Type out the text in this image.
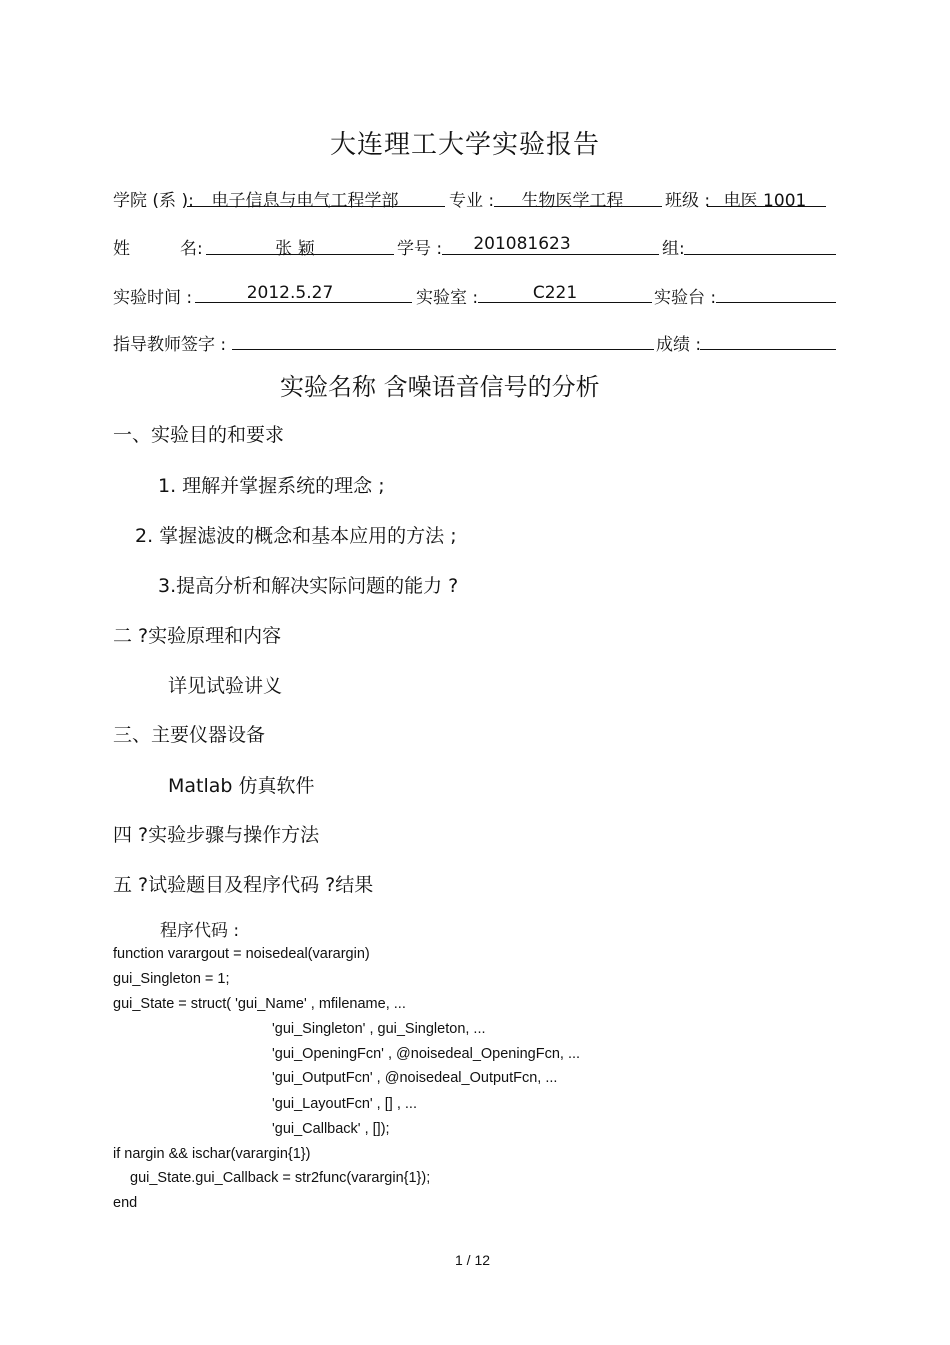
大连理工大学实验报告
学院 (系 ):	电子信息与电气工程学部	专业 :	生物医学工程	班级 : 电医 1001
姓	名:	张 颖	学号 :	201081623	组:
实验时间 :	2012.5.27	实验室 :	C221	实验台 :
指导教师签字 :	成绩 :
实验名称 含噪语音信号的分析
一、实验目的和要求
1. 理解并掌握系统的理念 ;
2. 掌握滤波的概念和基本应用的方法 ;
3.提高分析和解决实际问题的能力 ?
二 ?实验原理和内容
详见试验讲义
三、主要仪器设备
Matlab 仿真软件
四 ?实验步骤与操作方法
五 ?试验题目及程序代码 ?结果
程序代码 :
function varargout = noisedeal(varargin)
gui_Singleton = 1;
gui_State = struct( 'gui_Name' , mfilename, ...
'gui_Singleton' , gui_Singleton, ...
'gui_OpeningFcn' , @noisedeal_OpeningFcn, ...
'gui_OutputFcn' , @noisedeal_OutputFcn, ...
'gui_LayoutFcn' , [] , ...
'gui_Callback' , []);
if nargin && ischar(varargin{1})
gui_State.gui_Callback = str2func(varargin{1});
end
1 / 12
